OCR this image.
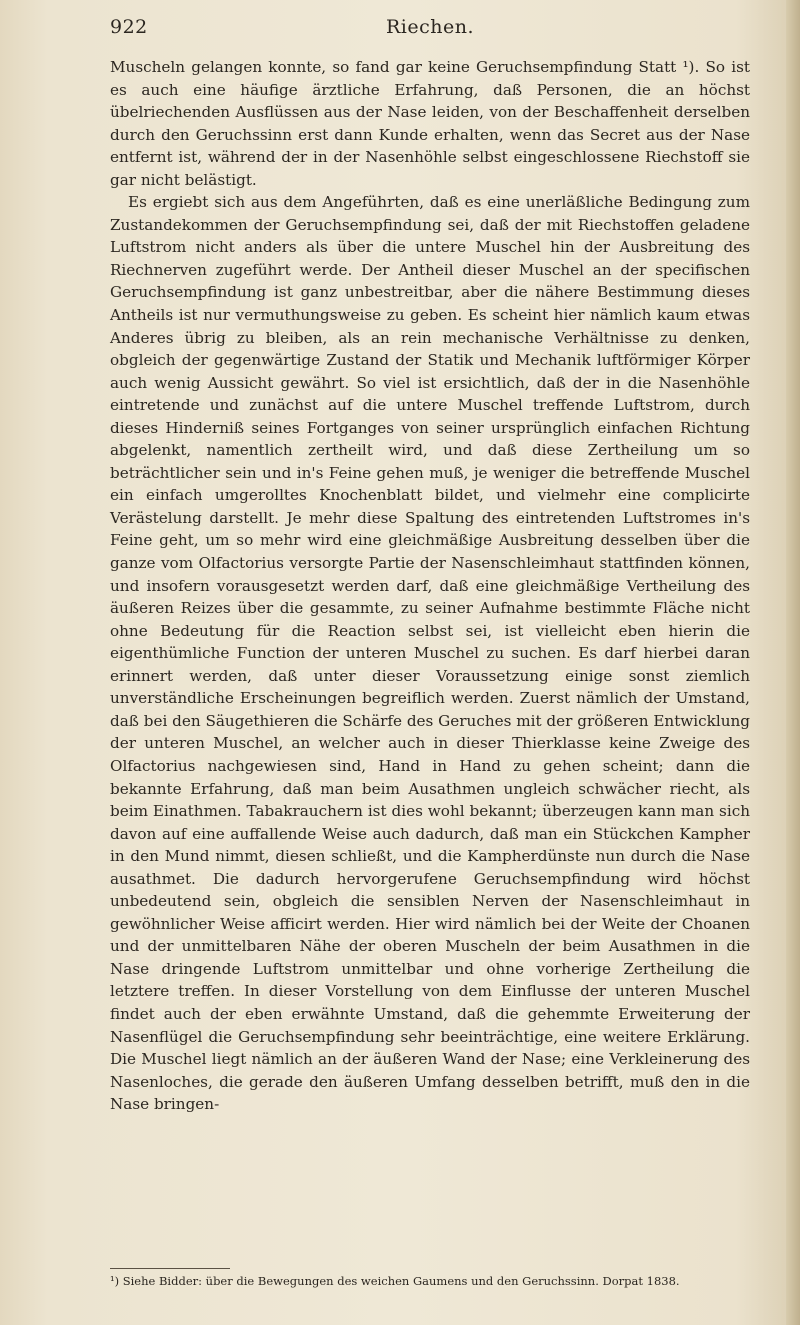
922	Riechen.

Muscheln gelangen konnte, so fand gar keine Geruchsempfindung Statt ¹). So ist es auch eine häufige ärztliche Erfahrung, daß Personen, die an höchst übelriechenden Ausflüssen aus der Nase leiden, von der Beschaffenheit derselben durch den Geruchssinn erst dann Kunde erhalten, wenn das Secret aus der Nase entfernt ist, während der in der Nasenhöhle selbst eingeschlossene Riechstoff sie gar nicht belästigt.

Es ergiebt sich aus dem Angeführten, daß es eine unerläßliche Bedingung zum Zustandekommen der Geruchsempfindung sei, daß der mit Riechstoffen geladene Luftstrom nicht anders als über die untere Muschel hin der Ausbreitung des Riechnerven zugeführt werde. Der Antheil dieser Muschel an der specifischen Geruchsempfindung ist ganz unbestreitbar, aber die nähere Bestimmung dieses Antheils ist nur vermuthungsweise zu geben. Es scheint hier nämlich kaum etwas Anderes übrig zu bleiben, als an rein mechanische Verhältnisse zu denken, obgleich der gegenwärtige Zustand der Statik und Mechanik luftförmiger Körper auch wenig Aussicht gewährt. So viel ist ersichtlich, daß der in die Nasenhöhle eintretende und zunächst auf die untere Muschel treffende Luftstrom, durch dieses Hinderniß seines Fortganges von seiner ursprünglich einfachen Richtung abgelenkt, namentlich zertheilt wird, und daß diese Zertheilung um so beträchtlicher sein und in's Feine gehen muß, je weniger die betreffende Muschel ein einfach umgerolltes Knochenblatt bildet, und vielmehr eine complicirte Verästelung darstellt. Je mehr diese Spaltung des eintretenden Luftstromes in's Feine geht, um so mehr wird eine gleichmäßige Ausbreitung desselben über die ganze vom Olfactorius versorgte Partie der Nasenschleimhaut stattfinden können, und insofern vorausgesetzt werden darf, daß eine gleichmäßige Vertheilung des äußeren Reizes über die gesammte, zu seiner Aufnahme bestimmte Fläche nicht ohne Bedeutung für die Reaction selbst sei, ist vielleicht eben hierin die eigenthümliche Function der unteren Muschel zu suchen. Es darf hierbei daran erinnert werden, daß unter dieser Voraussetzung einige sonst ziemlich unverständliche Erscheinungen begreiflich werden. Zuerst nämlich der Umstand, daß bei den Säugethieren die Schärfe des Geruches mit der größeren Entwicklung der unteren Muschel, an welcher auch in dieser Thierklasse keine Zweige des Olfactorius nachgewiesen sind, Hand in Hand zu gehen scheint; dann die bekannte Erfahrung, daß man beim Ausathmen ungleich schwächer riecht, als beim Einathmen. Tabakrauchern ist dies wohl bekannt; überzeugen kann man sich davon auf eine auffallende Weise auch dadurch, daß man ein Stückchen Kampher in den Mund nimmt, diesen schließt, und die Kampherdünste nun durch die Nase ausathmet. Die dadurch hervorgerufene Geruchsempfindung wird höchst unbedeutend sein, obgleich die sensiblen Nerven der Nasenschleimhaut in gewöhnlicher Weise afficirt werden. Hier wird nämlich bei der Weite der Choanen und der unmittelbaren Nähe der oberen Muscheln der beim Ausathmen in die Nase dringende Luftstrom unmittelbar und ohne vorherige Zertheilung die letztere treffen. In dieser Vorstellung von dem Einflusse der unteren Muschel findet auch der eben erwähnte Umstand, daß die gehemmte Erweiterung der Nasenflügel die Geruchsempfindung sehr beeinträchtige, eine weitere Erklärung. Die Muschel liegt nämlich an der äußeren Wand der Nase; eine Verkleinerung des Nasenloches, die gerade den äußeren Umfang desselben betrifft, muß den in die Nase bringen-

¹) Siehe Bidder: über die Bewegungen des weichen Gaumens und den Geruchssinn. Dorpat 1838.
